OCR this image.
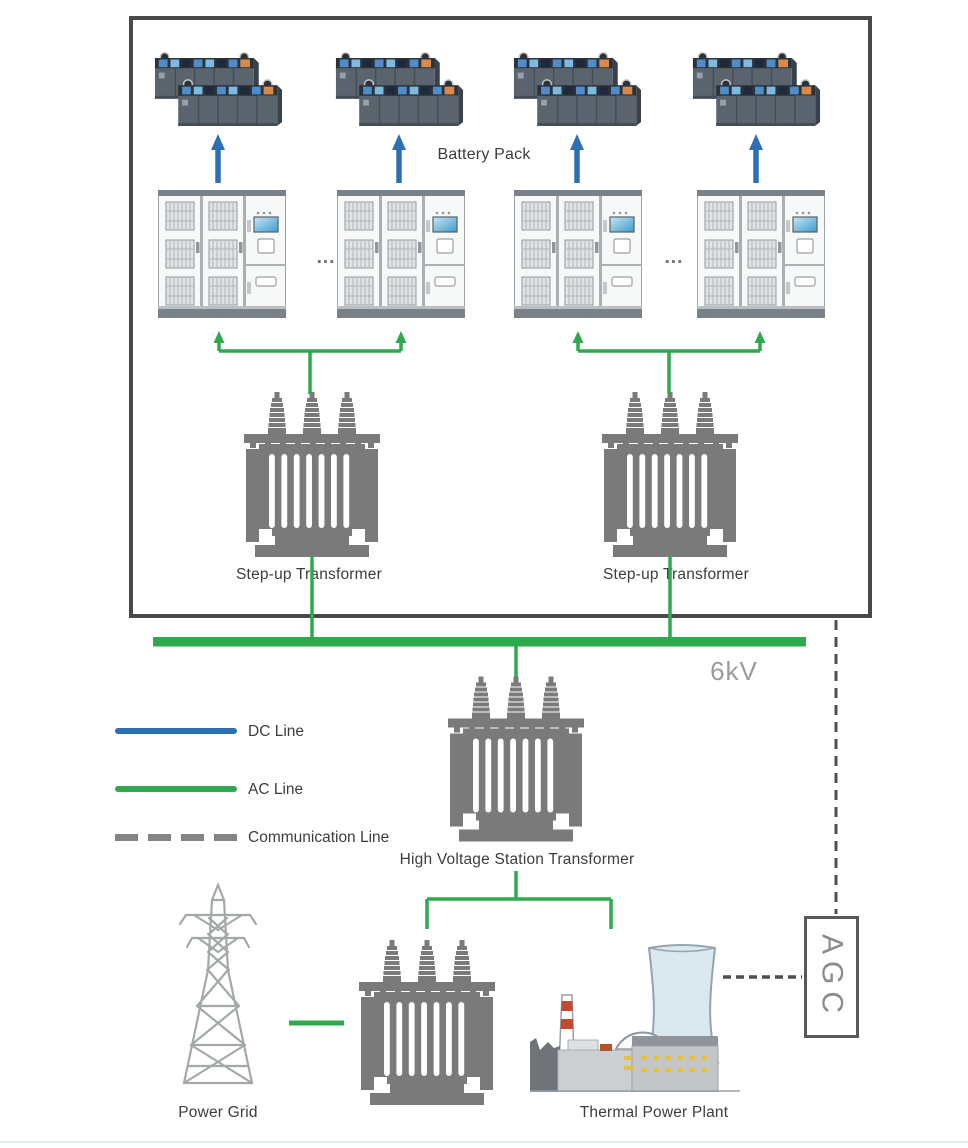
Battery Pack
...	...
Step-up Transformer	Step-up Transformer
6kV
DC Line
AC Line
Communication Line
High Voltage Station Transformer
Power Grid	Thermal Power Plant
AGC
